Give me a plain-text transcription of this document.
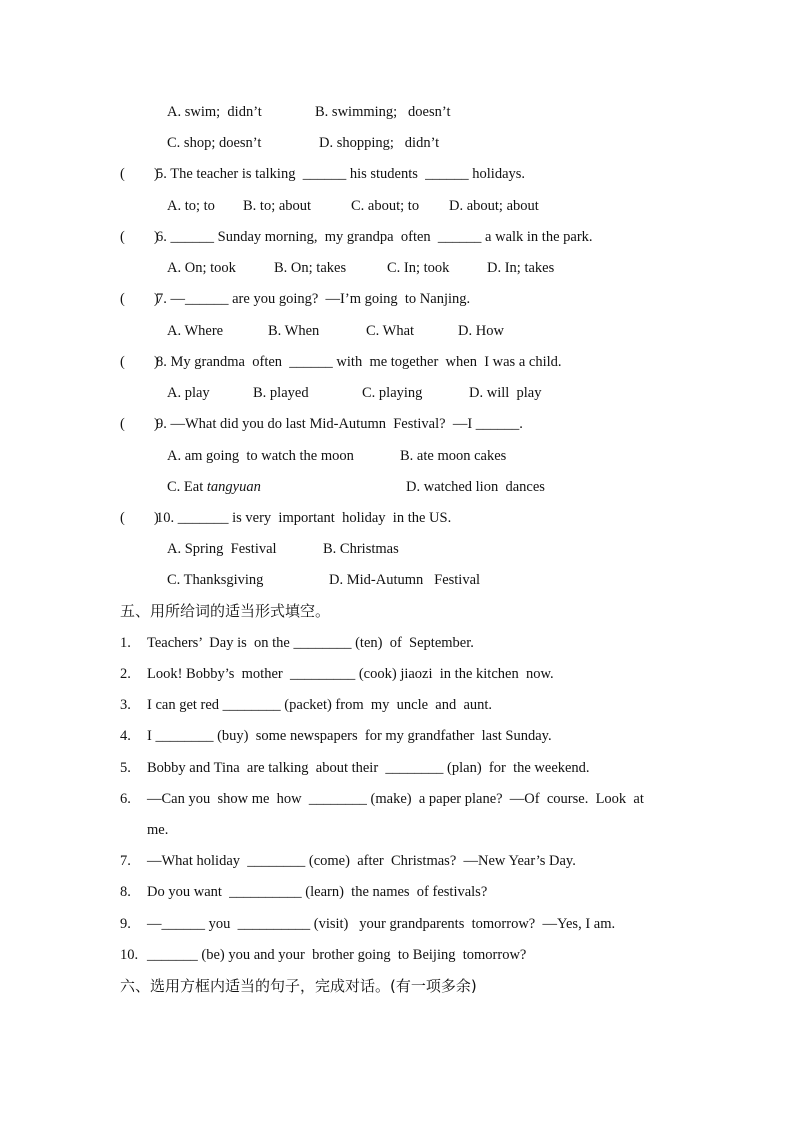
A. swim;  didn’t	B. swimming;   doesn’t
C. shop; doesn’t	D. shopping;   didn’t
(        )
5. The teacher is talking  ______ his students  ______ holidays.
A. to; to B. to; about	C. about; to D. about; about
(        )
6. ______ Sunday morning,  my grandpa  often  ______ a walk in the park.
A. On; took	B. On; takes	C. In; took	D. In; takes
(        )
7. —______ are you going?  —I’m going  to Nanjing.
A. Where	B. When	C. What	D. How
(        )
8. My grandma  often  ______ with  me together  when  I was a child.
A. play	B. played	C. playing	D. will  play
(        )
9. —What did you do last Mid-Autumn  Festival?  —I ______.
A. am going  to watch the moon	B. ate moon cakes
C. Eat tangyuan	D. watched lion  dances
(        )
10. _______ is very  important  holiday  in the US.
A. Spring  Festival	B. Christmas
C. Thanksgiving	D. Mid-Autumn   Festival
五、用所给词的适当形式填空。
1. Teachers’  Day is  on the ________ (ten)  of  September.
2. Look! Bobby’s  mother  _________ (cook) jiaozi  in the kitchen  now.
3. I can get red ________ (packet) from  my  uncle  and  aunt.
4. I ________ (buy)  some newspapers  for my grandfather  last Sunday.
5. Bobby and Tina  are talking  about their  ________ (plan)  for  the weekend.
6. —Can you  show me  how  ________ (make)  a paper plane?  —Of  course.  Look  at
me.
7. —What holiday  ________ (come)  after  Christmas?  —New Year’s Day.
8. Do you want  __________ (learn)  the names  of festivals?
9. —______ you  __________ (visit)   your grandparents  tomorrow?  —Yes, I am.
10. _______ (be) you and your  brother going  to Beijing  tomorrow?
六、选用方框内适当的句子，完成对话。(有一项多余)
